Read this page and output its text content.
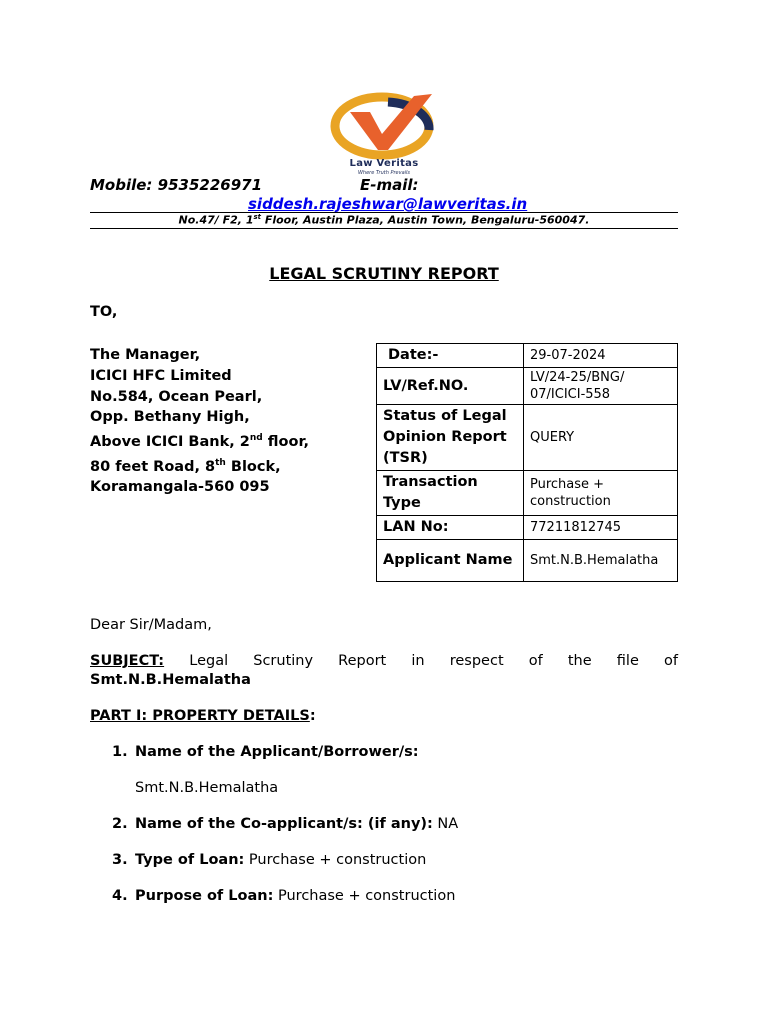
Law Veritas
Where Truth Prevails
Mobile: 9535226971	E-mail:
siddesh.rajeshwar@lawveritas.in
No.47/ F2, 1st Floor, Austin Plaza, Austin Town, Bengaluru-560047.
LEGAL SCRUTINY REPORT
TO,
The Manager,
ICICI HFC Limited
No.584, Ocean Pearl,
Opp. Bethany High,
Above ICICI Bank, 2nd floor,
80 feet Road, 8th Block,
Koramangala-560 095
Date:-	29-07-2024
LV/Ref.NO.	LV/24-25/BNG/ 07/ICICI-558
Status of Legal Opinion Report (TSR)	QUERY
Transaction Type	Purchase + construction
LAN No:	77211812745
Applicant Name	Smt.N.B.Hemalatha
Dear Sir/Madam,
SUBJECT: Legal Scrutiny Report in respect of the file of
Smt.N.B.Hemalatha
PART I: PROPERTY DETAILS:
1. Name of the Applicant/Borrower/s:
Smt.N.B.Hemalatha
2. Name of the Co-applicant/s: (if any): NA
3. Type of Loan: Purchase + construction
4. Purpose of Loan: Purchase + construction
